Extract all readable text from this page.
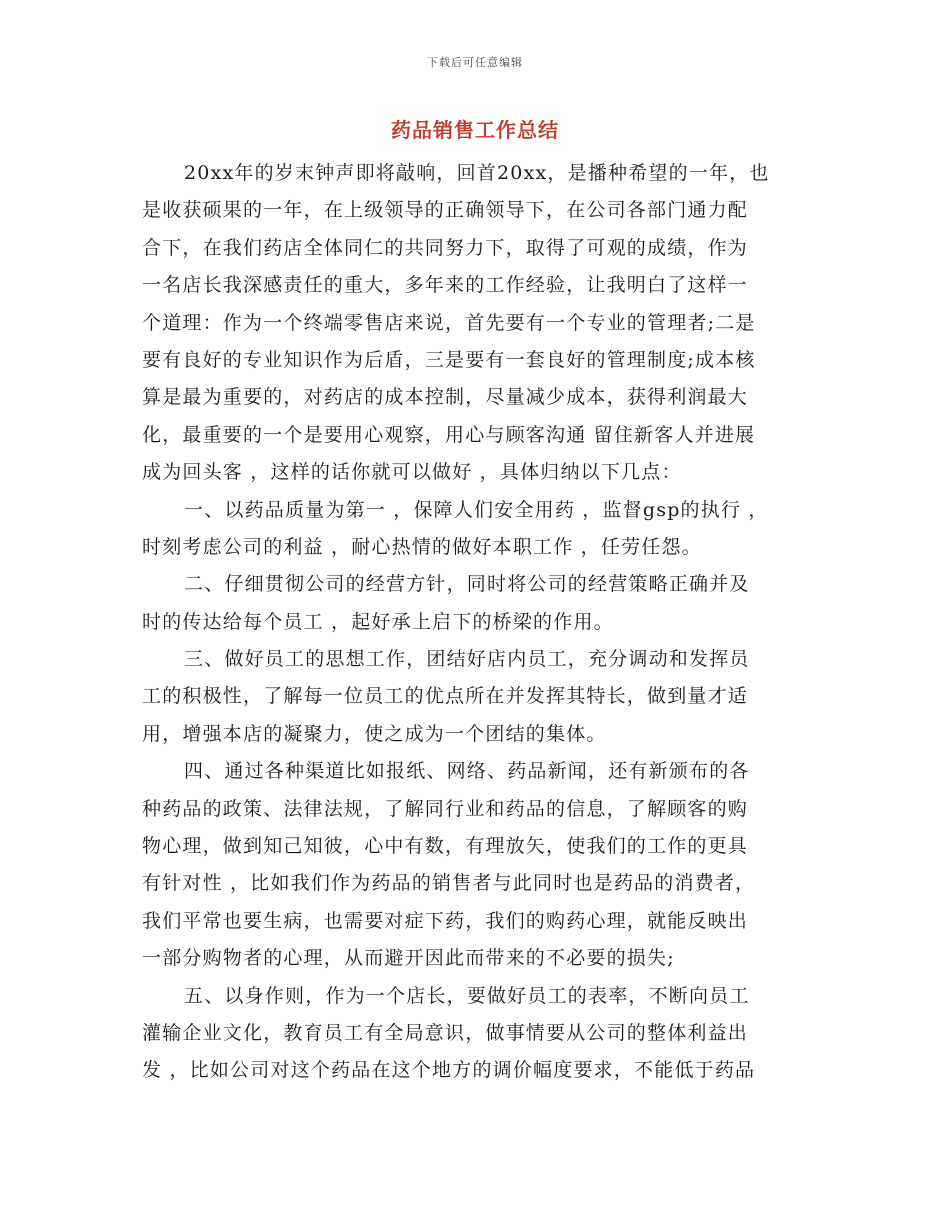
下载后可任意编辑
药品销售工作总结
20xx年的岁末钟声即将敲响，回首20xx，是播种希望的一年，也
是收获硕果的一年，在上级领导的正确领导下，在公司各部门通力配
合下，在我们药店全体同仁的共同努力下，取得了可观的成绩，作为
一名店长我深感责任的重大，多年来的工作经验，让我明白了这样一
个道理：作为一个终端零售店来说，首先要有一个专业的管理者;二是
要有良好的专业知识作为后盾，三是要有一套良好的管理制度;成本核
算是最为重要的，对药店的成本控制，尽量减少成本，获得利润最大
化，最重要的一个是要用心观察，用心与顾客沟通 留住新客人并进展
成为回头客 ，这样的话你就可以做好 ，具体归纳以下几点：
一、以药品质量为第一 ，保障人们安全用药 ，监督gsp的执行 ，
时刻考虑公司的利益 ，耐心热情的做好本职工作 ，任劳任怨。
二、仔细贯彻公司的经营方针，同时将公司的经营策略正确并及
时的传达给每个员工 ，起好承上启下的桥梁的作用。
三、做好员工的思想工作，团结好店内员工，充分调动和发挥员
工的积极性，了解每一位员工的优点所在并发挥其特长，做到量才适
用，增强本店的凝聚力，使之成为一个团结的集体。
四、通过各种渠道比如报纸、网络、药品新闻，还有新颁布的各
种药品的政策、法律法规，了解同行业和药品的信息，了解顾客的购
物心理，做到知己知彼，心中有数，有理放矢，使我们的工作的更具
有针对性 ，比如我们作为药品的销售者与此同时也是药品的消费者，
我们平常也要生病，也需要对症下药，我们的购药心理，就能反映出
一部分购物者的心理，从而避开因此而带来的不必要的损失;
五、以身作则，作为一个店长，要做好员工的表率，不断向员工
灌输企业文化，教育员工有全局意识，做事情要从公司的整体利益出
发 ，比如公司对这个药品在这个地方的调价幅度要求，不能低于药品
